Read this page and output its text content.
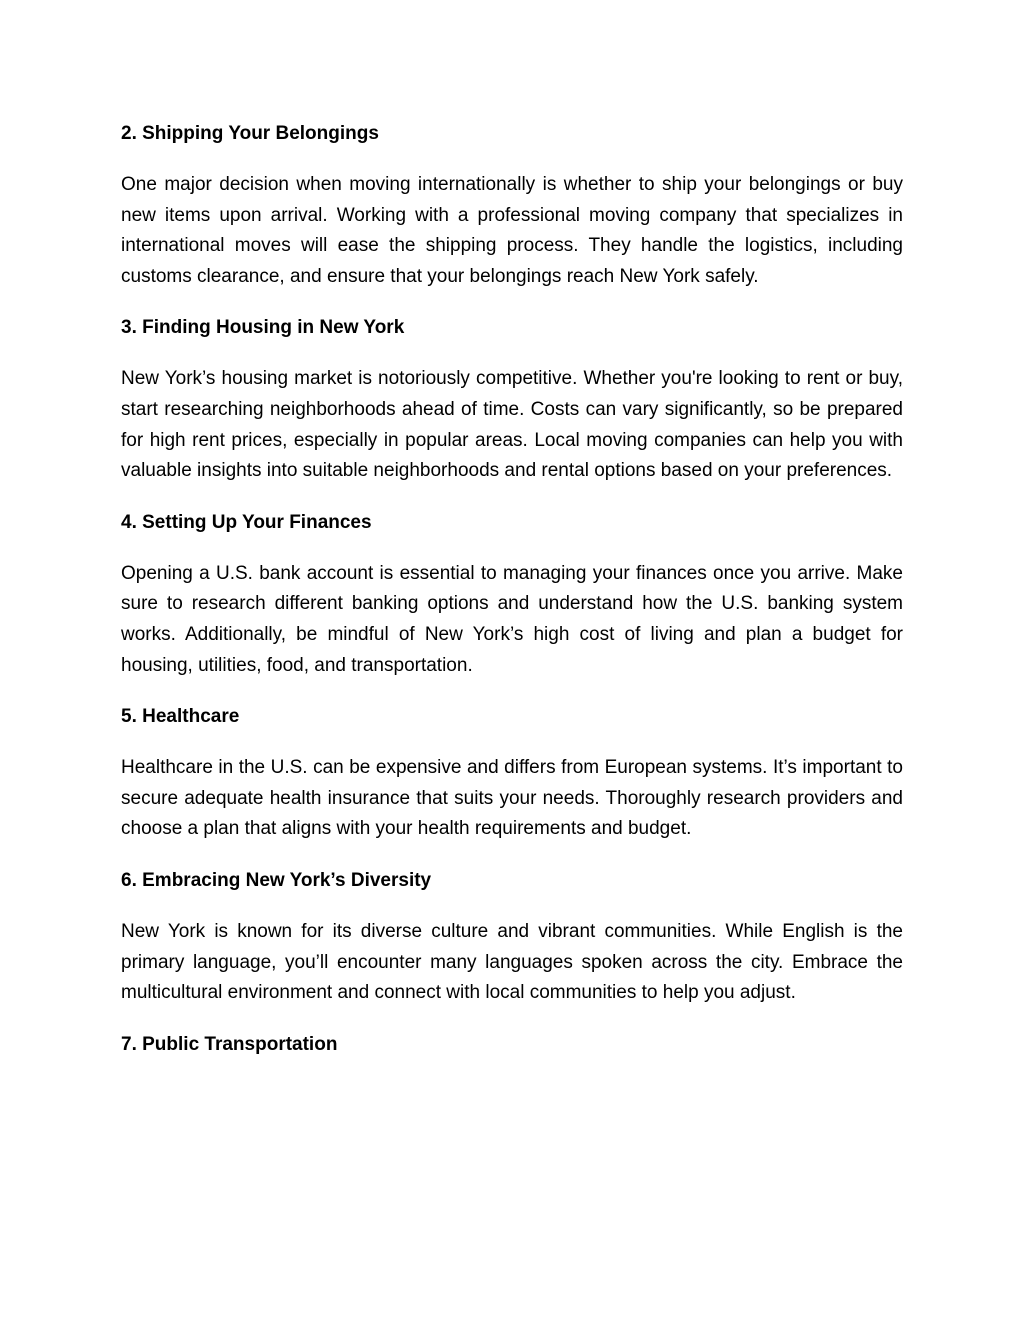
2. Shipping Your Belongings

One major decision when moving internationally is whether to ship your belongings or buy new items upon arrival. Working with a professional moving company that specializes in international moves will ease the shipping process. They handle the logistics, including customs clearance, and ensure that your belongings reach New York safely.

3. Finding Housing in New York

New York’s housing market is notoriously competitive. Whether you're looking to rent or buy, start researching neighborhoods ahead of time. Costs can vary significantly, so be prepared for high rent prices, especially in popular areas. Local moving companies can help you with valuable insights into suitable neighborhoods and rental options based on your preferences.

4. Setting Up Your Finances

Opening a U.S. bank account is essential to managing your finances once you arrive. Make sure to research different banking options and understand how the U.S. banking system works. Additionally, be mindful of New York’s high cost of living and plan a budget for housing, utilities, food, and transportation.

5. Healthcare

Healthcare in the U.S. can be expensive and differs from European systems. It’s important to secure adequate health insurance that suits your needs. Thoroughly research providers and choose a plan that aligns with your health requirements and budget.

6. Embracing New York’s Diversity

New York is known for its diverse culture and vibrant communities. While English is the primary language, you’ll encounter many languages spoken across the city. Embrace the multicultural environment and connect with local communities to help you adjust.

7. Public Transportation
